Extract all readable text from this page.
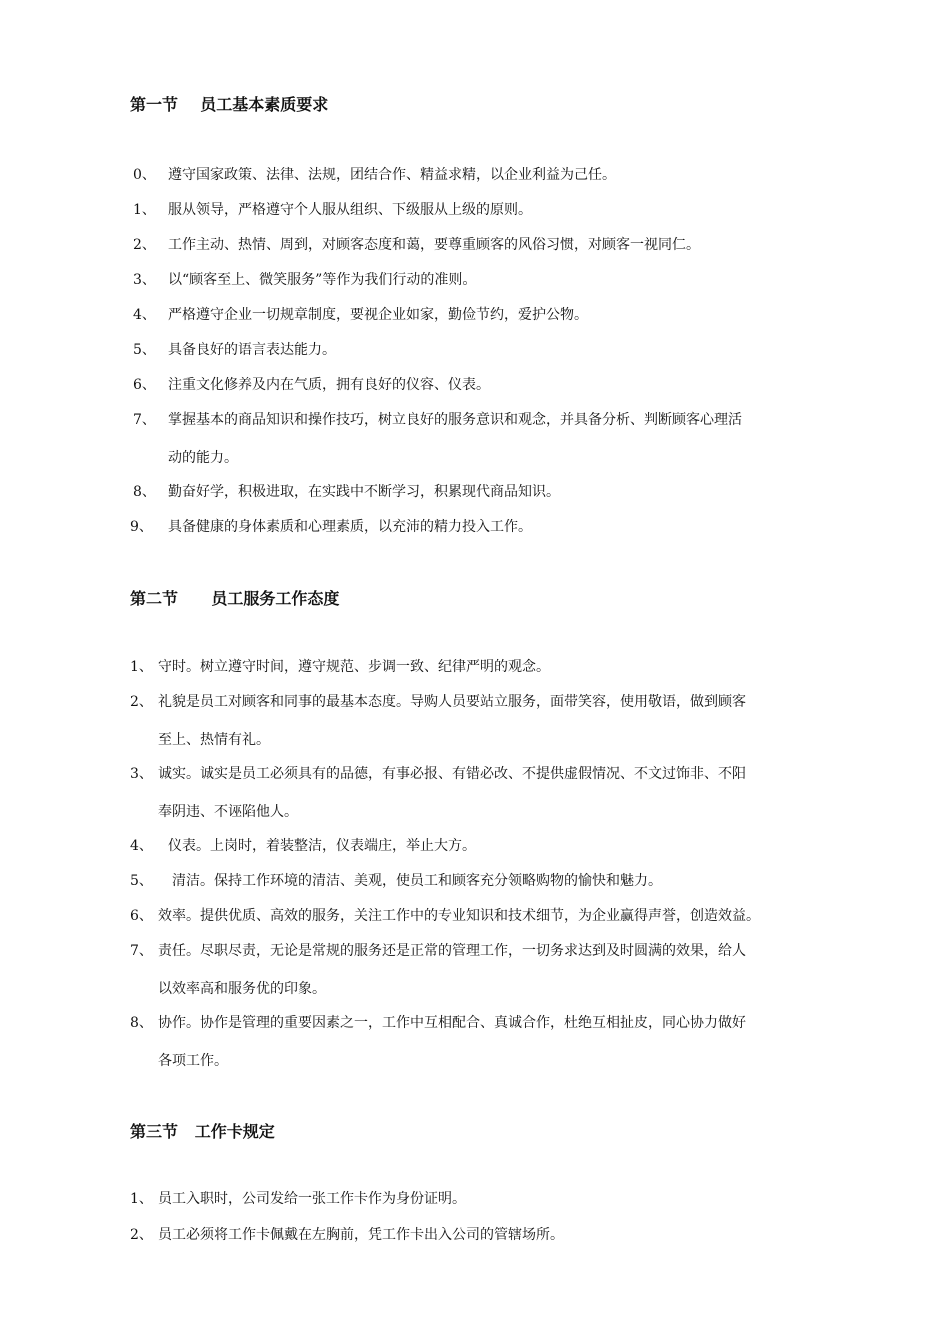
第一节    员工基本素质要求
0、 遵守国家政策、法律、法规，团结合作、精益求精，以企业利益为己任。
1、 服从领导，严格遵守个人服从组织、下级服从上级的原则。
2、 工作主动、热情、周到，对顾客态度和蔼，要尊重顾客的风俗习惯，对顾客一视同仁。
3、 以“顾客至上、微笑服务”等作为我们行动的准则。
4、 严格遵守企业一切规章制度，要视企业如家，勤俭节约，爱护公物。
5、 具备良好的语言表达能力。
6、 注重文化修养及内在气质，拥有良好的仪容、仪表。
7、 掌握基本的商品知识和操作技巧，树立良好的服务意识和观念，并具备分析、判断顾客心理活
动的能力。
8、 勤奋好学，积极进取，在实践中不断学习，积累现代商品知识。
9、 具备健康的身体素质和心理素质，以充沛的精力投入工作。
第二节      员工服务工作态度
1、 守时。树立遵守时间，遵守规范、步调一致、纪律严明的观念。
2、 礼貌是员工对顾客和同事的最基本态度。导购人员要站立服务，面带笑容，使用敬语，做到顾客
至上、热情有礼。
3、 诚实。诚实是员工必须具有的品德，有事必报、有错必改、不提供虚假情况、不文过饰非、不阳
奉阴违、不诬陷他人。
4、 仪表。上岗时，着装整洁，仪表端庄，举止大方。
5、 清洁。保持工作环境的清洁、美观，使员工和顾客充分领略购物的愉快和魅力。
6、 效率。提供优质、高效的服务，关注工作中的专业知识和技术细节，为企业赢得声誉，创造效益。
7、 责任。尽职尽责，无论是常规的服务还是正常的管理工作，一切务求达到及时圆满的效果，给人
以效率高和服务优的印象。
8、 协作。协作是管理的重要因素之一，工作中互相配合、真诚合作，杜绝互相扯皮，同心协力做好
各项工作。
第三节   工作卡规定
1、 员工入职时，公司发给一张工作卡作为身份证明。
2、 员工必须将工作卡佩戴在左胸前，凭工作卡出入公司的管辖场所。
